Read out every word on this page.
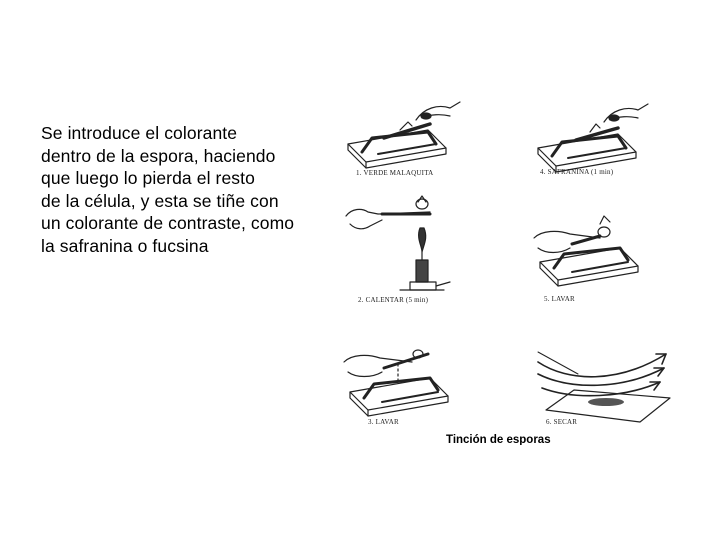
Se introduce el colorante
dentro de la espora, haciendo
que luego lo pierda el resto
de la célula, y esta se tiñe con
un colorante de contraste, como
la safranina o fucsina
1. VERDE MALAQUITA
2. CALENTAR (5 min)
3. LAVAR
4. SAFRANINA (1 min)
5. LAVAR
6. SECAR
Tinción de esporas
